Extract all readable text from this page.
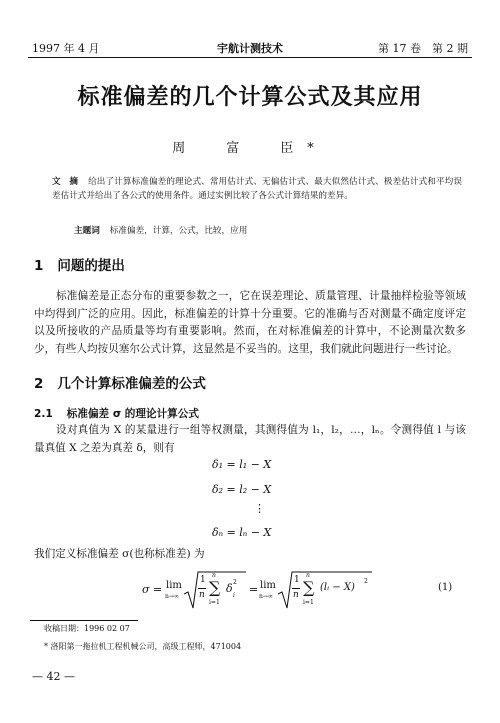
1997 年 4 月	宇航计测技术	第 17 卷　第 2 期
标准偏差的几个计算公式及其应用
周　富　臣*
文　摘 给出了计算标准偏差的理论式、常用估计式、无偏估计式、最大似然估计式、极差估计式和平均误差估计式并给出了各公式的使用条件。通过实例比较了各公式计算结果的差异。
主题词 标准偏差，计算，公式，比较，应用
1 问题的提出

标准偏差是正态分布的重要参数之一，它在误差理论、质量管理、计量抽样检验等领域中均得到广泛的应用。因此，标准偏差的计算十分重要。它的准确与否对测量不确定度评定以及所接收的产品质量等均有重要影响。然而，在对标准偏差的计算中，不论测量次数多少，有些人均按贝塞尔公式计算，这显然是不妥当的。这里，我们就此问题进行一些讨论。

2 几个计算标准偏差的公式
2.1 标准偏差 σ 的理论计算公式

设对真值为 X 的某量进行一组等权测量，其测得值为 l₁，l₂，…，lₙ。令测得值 l 与该量真值 X 之差为真差 δ，则有

δ₁ = l₁ − X
δ₂ = l₂ − X
⋮
δₙ = lₙ − X
我们定义标准偏差 σ(也称标准差) 为
σ = lim
n→∞
1
n
n
∑
i=1
δ 2
i = lim
n→∞
1
n
n
∑
i=1
(lᵢ − X)
2
(1)
收稿日期：1996 02 07
* 洛阳第一拖拉机工程机械公司，高级工程师，471004
— 42 —
